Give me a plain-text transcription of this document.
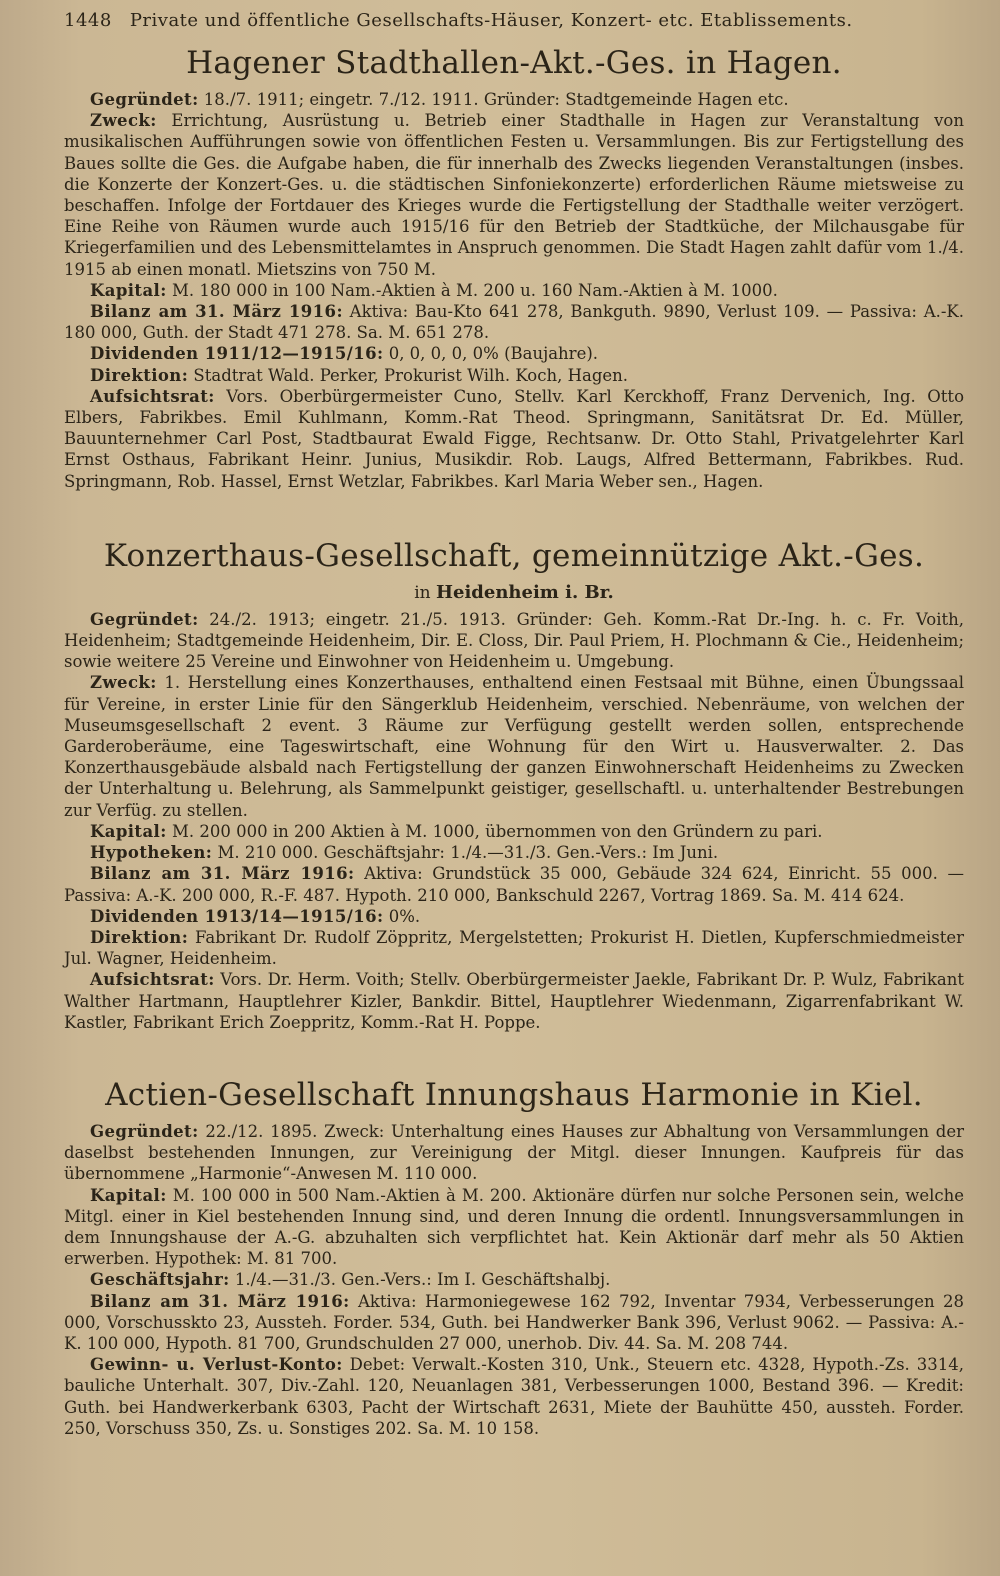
1448 Private und öffentliche Gesellschafts-Häuser, Konzert- etc. Etablissements.
Hagener Stadthallen-Akt.-Ges. in Hagen.

Gegründet: 18./7. 1911; eingetr. 7./12. 1911. Gründer: Stadtgemeinde Hagen etc.

Zweck: Errichtung, Ausrüstung u. Betrieb einer Stadthalle in Hagen zur Veranstaltung von musikalischen Aufführungen sowie von öffentlichen Festen u. Versammlungen. Bis zur Fertigstellung des Baues sollte die Ges. die Aufgabe haben, die für innerhalb des Zwecks liegenden Veranstaltungen (insbes. die Konzerte der Konzert-Ges. u. die städtischen Sinfoniekonzerte) erforderlichen Räume mietsweise zu beschaffen. Infolge der Fortdauer des Krieges wurde die Fertigstellung der Stadthalle weiter verzögert. Eine Reihe von Räumen wurde auch 1915/16 für den Betrieb der Stadtküche, der Milchausgabe für Kriegerfamilien und des Lebensmittelamtes in Anspruch genommen. Die Stadt Hagen zahlt dafür vom 1./4. 1915 ab einen monatl. Mietszins von 750 M.

Kapital: M. 180 000 in 100 Nam.-Aktien à M. 200 u. 160 Nam.-Aktien à M. 1000.

Bilanz am 31. März 1916: Aktiva: Bau-Kto 641 278, Bankguth. 9890, Verlust 109. — Passiva: A.-K. 180 000, Guth. der Stadt 471 278. Sa. M. 651 278.

Dividenden 1911/12—1915/16: 0, 0, 0, 0, 0% (Baujahre).

Direktion: Stadtrat Wald. Perker, Prokurist Wilh. Koch, Hagen.

Aufsichtsrat: Vors. Oberbürgermeister Cuno, Stellv. Karl Kerckhoff, Franz Dervenich, Ing. Otto Elbers, Fabrikbes. Emil Kuhlmann, Komm.-Rat Theod. Springmann, Sanitätsrat Dr. Ed. Müller, Bauunternehmer Carl Post, Stadtbaurat Ewald Figge, Rechtsanw. Dr. Otto Stahl, Privatgelehrter Karl Ernst Osthaus, Fabrikant Heinr. Junius, Musikdir. Rob. Laugs, Alfred Bettermann, Fabrikbes. Rud. Springmann, Rob. Hassel, Ernst Wetzlar, Fabrikbes. Karl Maria Weber sen., Hagen.

Konzerthaus-Gesellschaft, gemeinnützige Akt.-Ges.
in Heidenheim i. Br.

Gegründet: 24./2. 1913; eingetr. 21./5. 1913. Gründer: Geh. Komm.-Rat Dr.-Ing. h. c. Fr. Voith, Heidenheim; Stadtgemeinde Heidenheim, Dir. E. Closs, Dir. Paul Priem, H. Plochmann & Cie., Heidenheim; sowie weitere 25 Vereine und Einwohner von Heidenheim u. Umgebung.

Zweck: 1. Herstellung eines Konzerthauses, enthaltend einen Festsaal mit Bühne, einen Übungssaal für Vereine, in erster Linie für den Sängerklub Heidenheim, verschied. Nebenräume, von welchen der Museumsgesellschaft 2 event. 3 Räume zur Verfügung gestellt werden sollen, entsprechende Garderoberäume, eine Tageswirtschaft, eine Wohnung für den Wirt u. Hausverwalter. 2. Das Konzerthausgebäude alsbald nach Fertigstellung der ganzen Einwohnerschaft Heidenheims zu Zwecken der Unterhaltung u. Belehrung, als Sammelpunkt geistiger, gesellschaftl. u. unterhaltender Bestrebungen zur Verfüg. zu stellen.

Kapital: M. 200 000 in 200 Aktien à M. 1000, übernommen von den Gründern zu pari.

Hypotheken: M. 210 000. Geschäftsjahr: 1./4.—31./3. Gen.-Vers.: Im Juni.

Bilanz am 31. März 1916: Aktiva: Grundstück 35 000, Gebäude 324 624, Einricht. 55 000. — Passiva: A.-K. 200 000, R.-F. 487. Hypoth. 210 000, Bankschuld 2267, Vortrag 1869. Sa. M. 414 624.

Dividenden 1913/14—1915/16: 0%.

Direktion: Fabrikant Dr. Rudolf Zöppritz, Mergelstetten; Prokurist H. Dietlen, Kupferschmiedmeister Jul. Wagner, Heidenheim.

Aufsichtsrat: Vors. Dr. Herm. Voith; Stellv. Oberbürgermeister Jaekle, Fabrikant Dr. P. Wulz, Fabrikant Walther Hartmann, Hauptlehrer Kizler, Bankdir. Bittel, Hauptlehrer Wiedenmann, Zigarrenfabrikant W. Kastler, Fabrikant Erich Zoeppritz, Komm.-Rat H. Poppe.

Actien-Gesellschaft Innungshaus Harmonie in Kiel.

Gegründet: 22./12. 1895. Zweck: Unterhaltung eines Hauses zur Abhaltung von Versammlungen der daselbst bestehenden Innungen, zur Vereinigung der Mitgl. dieser Innungen. Kaufpreis für das übernommene „Harmonie“-Anwesen M. 110 000.

Kapital: M. 100 000 in 500 Nam.-Aktien à M. 200. Aktionäre dürfen nur solche Personen sein, welche Mitgl. einer in Kiel bestehenden Innung sind, und deren Innung die ordentl. Innungsversammlungen in dem Innungshause der A.-G. abzuhalten sich verpflichtet hat. Kein Aktionär darf mehr als 50 Aktien erwerben. Hypothek: M. 81 700.

Geschäftsjahr: 1./4.—31./3. Gen.-Vers.: Im I. Geschäftshalbj.

Bilanz am 31. März 1916: Aktiva: Harmoniegewese 162 792, Inventar 7934, Verbesserungen 28 000, Vorschusskto 23, Aussteh. Forder. 534, Guth. bei Handwerker Bank 396, Verlust 9062. — Passiva: A.-K. 100 000, Hypoth. 81 700, Grundschulden 27 000, unerhob. Div. 44. Sa. M. 208 744.

Gewinn- u. Verlust-Konto: Debet: Verwalt.-Kosten 310, Unk., Steuern etc. 4328, Hypoth.-Zs. 3314, bauliche Unterhalt. 307, Div.-Zahl. 120, Neuanlagen 381, Verbesserungen 1000, Bestand 396. — Kredit: Guth. bei Handwerkerbank 6303, Pacht der Wirtschaft 2631, Miete der Bauhütte 450, aussteh. Forder. 250, Vorschuss 350, Zs. u. Sonstiges 202. Sa. M. 10 158.
